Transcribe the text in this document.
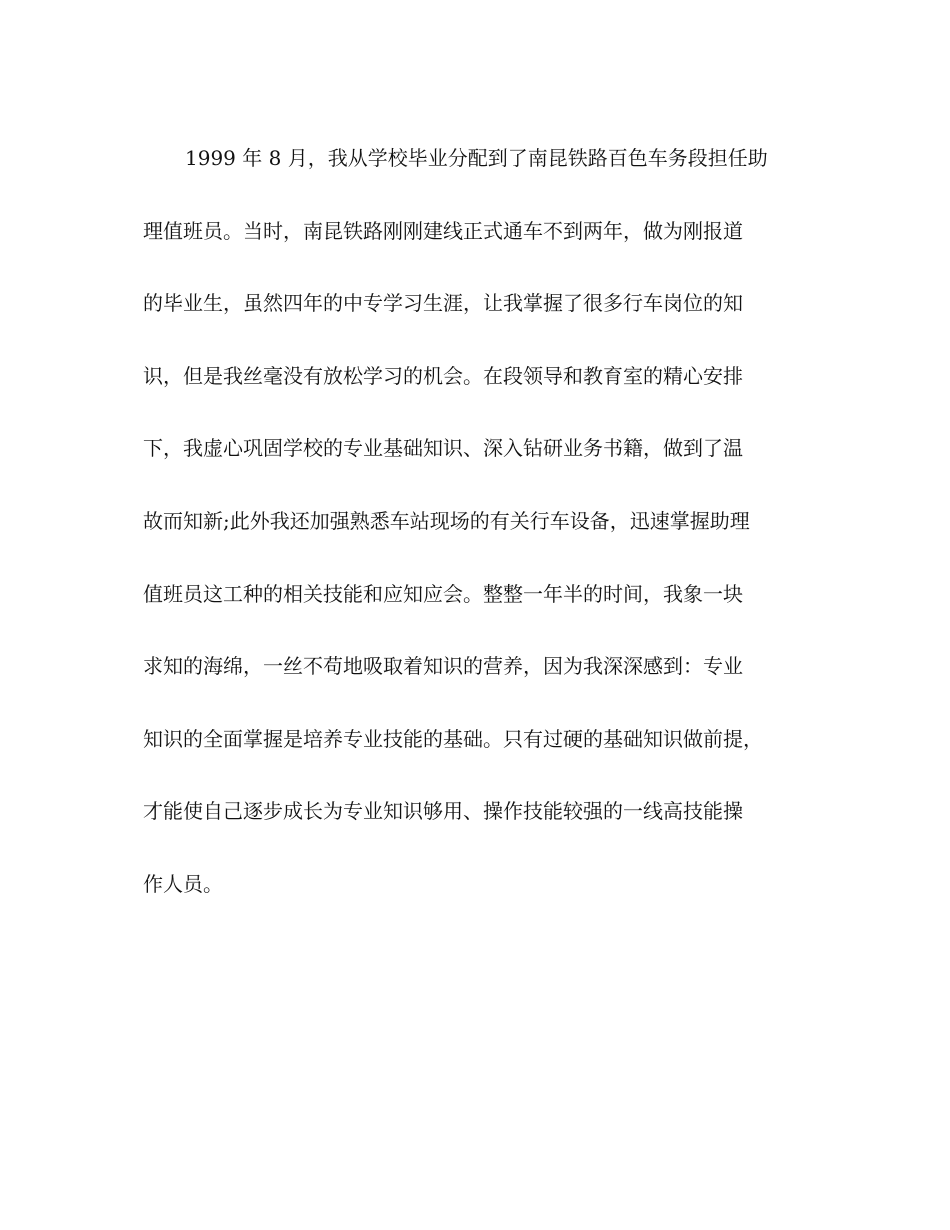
1999 年 8 月，我从学校毕业分配到了南昆铁路百色车务段担任助
理值班员。当时，南昆铁路刚刚建线正式通车不到两年，做为刚报道
的毕业生，虽然四年的中专学习生涯，让我掌握了很多行车岗位的知
识，但是我丝毫没有放松学习的机会。在段领导和教育室的精心安排
下，我虚心巩固学校的专业基础知识、深入钻研业务书籍，做到了温
故而知新;此外我还加强熟悉车站现场的有关行车设备，迅速掌握助理
值班员这工种的相关技能和应知应会。整整一年半的时间，我象一块
求知的海绵，一丝不苟地吸取着知识的营养，因为我深深感到：专业
知识的全面掌握是培养专业技能的基础。只有过硬的基础知识做前提，
才能使自己逐步成长为专业知识够用、操作技能较强的一线高技能操
作人员。
